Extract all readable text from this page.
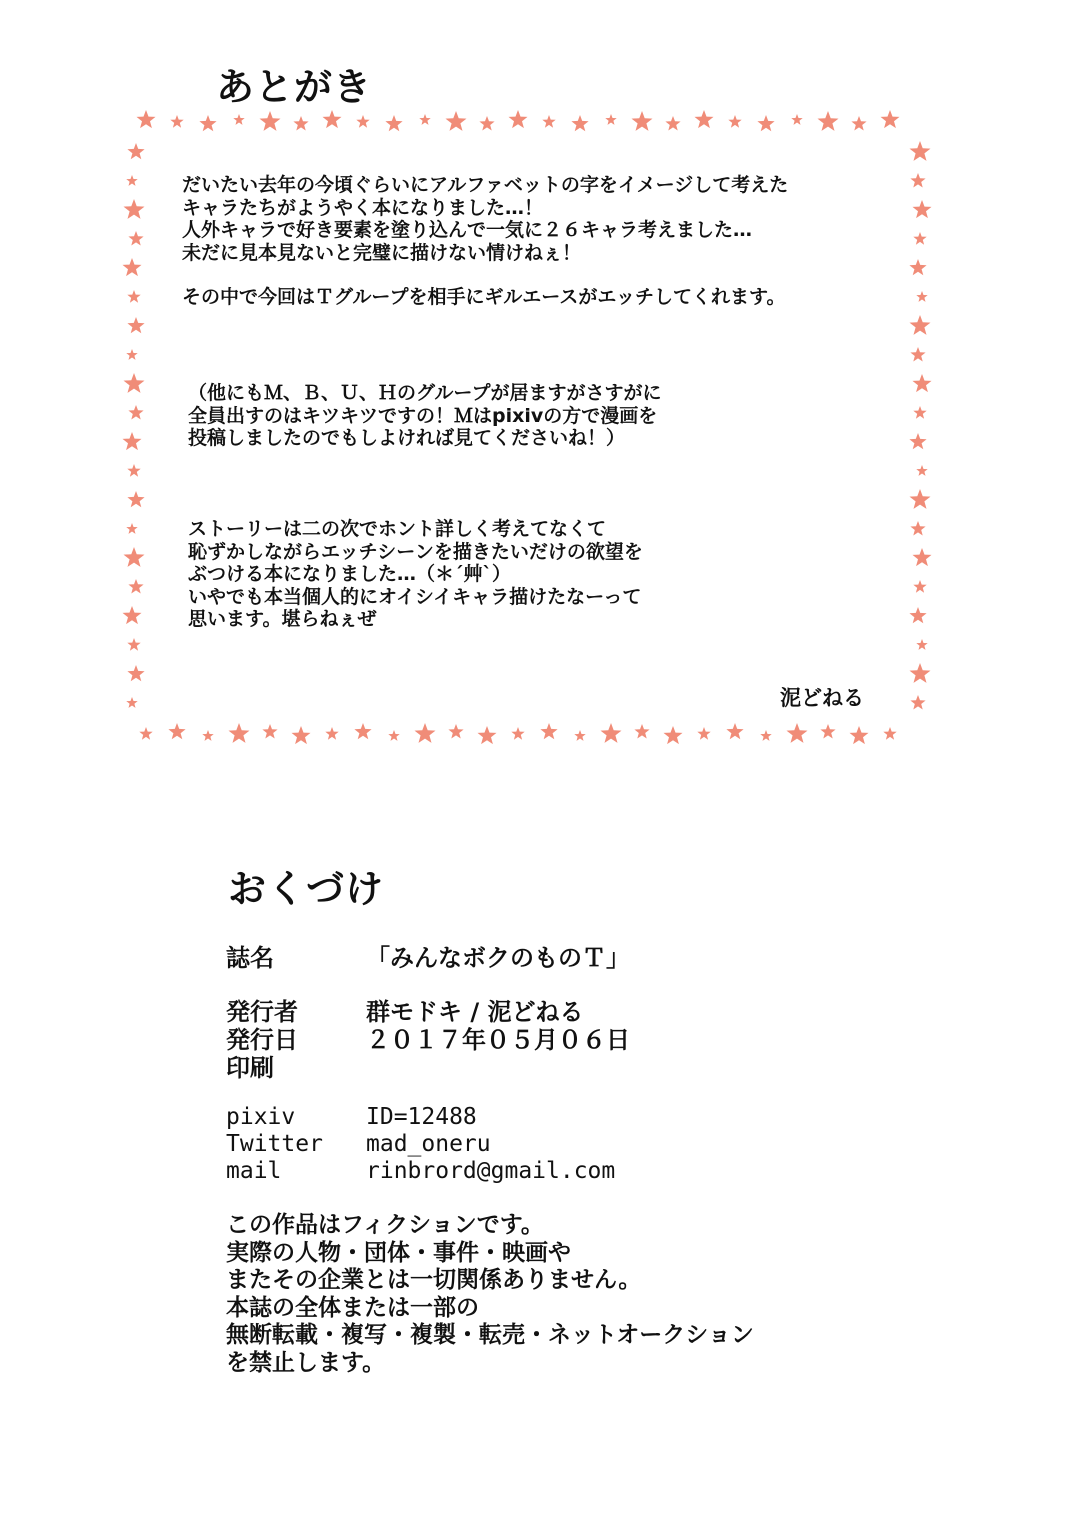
あとがき
だいたい去年の今頃ぐらいにアルファベットの字をイメージして考えた
キャラたちがようやく本になりました…！
人外キャラで好き要素を塗り込んで一気に２６キャラ考えました…
未だに見本見ないと完璧に描けない情けねぇ！
その中で今回はＴグループを相手にギルエースがエッチしてくれます。
（他にもＭ、Ｂ、Ｕ、Ｈのグループが居ますがさすがに
全員出すのはキツキツですの！Ｍはpixivの方で漫画を
投稿しましたのでもしよければ見てくださいね！）
ストーリーは二の次でホント詳しく考えてなくて
恥ずかしながらエッチシーンを描きたいだけの欲望を
ぶつける本になりました…（＊´艸`）
いやでも本当個人的にオイシイキャラ描けたなーって
思います。堪らねぇぜ
泥どねる
おくづけ
誌名	「みんなボクのものＴ」
発行者	群モドキ / 泥どねる
発行日	２０１７年０５月０６日
印刷
pixiv	ID=12488
Twitter mad_oneru
mail	rinbrord@gmail.com
この作品はフィクションです。
実際の人物・団体・事件・映画や
またその企業とは一切関係ありません。
本誌の全体または一部の
無断転載・複写・複製・転売・ネットオークション
を禁止します。
